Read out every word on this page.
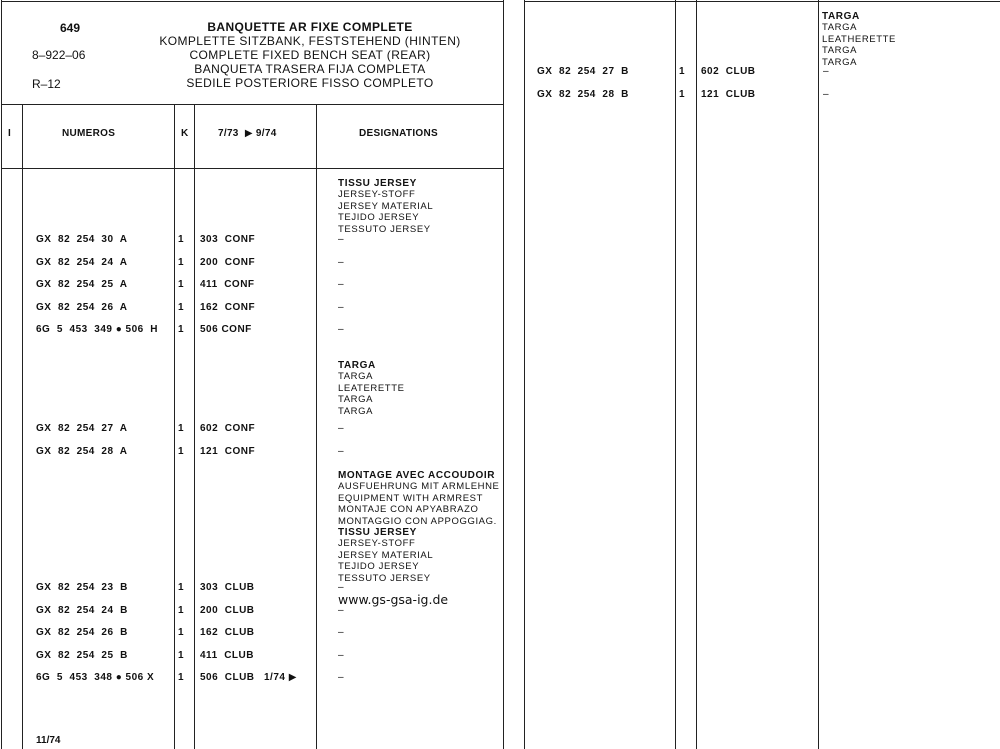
649
8–922–06
R–12
BANQUETTE AR FIXE COMPLETE
KOMPLETTE SITZBANK, FESTSTEHEND (HINTEN)
COMPLETE FIXED BENCH SEAT (REAR)
BANQUETA TRASERA FIJA COMPLETA
SEDILE POSTERIORE FISSO COMPLETO
I	NUMEROS	K	7/73  ▶ 9/74	DESIGNATIONS
TISSU JERSEY
JERSEY-STOFF
JERSEY MATERIAL
TEJIDO JERSEY
TESSUTO JERSEY
GX  82  254  30  A	1 303  CONF	–
GX  82  254  24  A	1 200  CONF	–
GX  82  254  25  A	1 411  CONF	–
GX  82  254  26  A	1 162  CONF	–
6G  5  453  349 ● 506  H 1 506 CONF	–
TARGA
TARGA
LEATERETTE
TARGA
TARGA
GX  82  254  27  A	1 602  CONF	–
GX  82  254  28  A	1 121  CONF	–
MONTAGE AVEC ACCOUDOIR
AUSFUEHRUNG MIT ARMLEHNE
EQUIPMENT WITH ARMREST
MONTAJE CON APYABRAZO
MONTAGGIO CON APPOGGIAG.
TISSU JERSEY
JERSEY-STOFF
JERSEY MATERIAL
TEJIDO JERSEY
TESSUTO JERSEY
GX  82  254  23  B	1 303  CLUB	–
www.gs-gsa-ig.de
GX  82  254  24  B	1 200  CLUB	–
GX  82  254  26  B	1 162  CLUB	–
GX  82  254  25  B	1 411  CLUB	–
6G  5  453  348 ● 506 X 1 506  CLUB 1/74 ▶	–
11/74
TARGA
TARGA
LEATHERETTE
TARGA
TARGA
GX  82  254  27  B	1 602  CLUB	–
GX  82  254  28  B	1 121  CLUB	–
